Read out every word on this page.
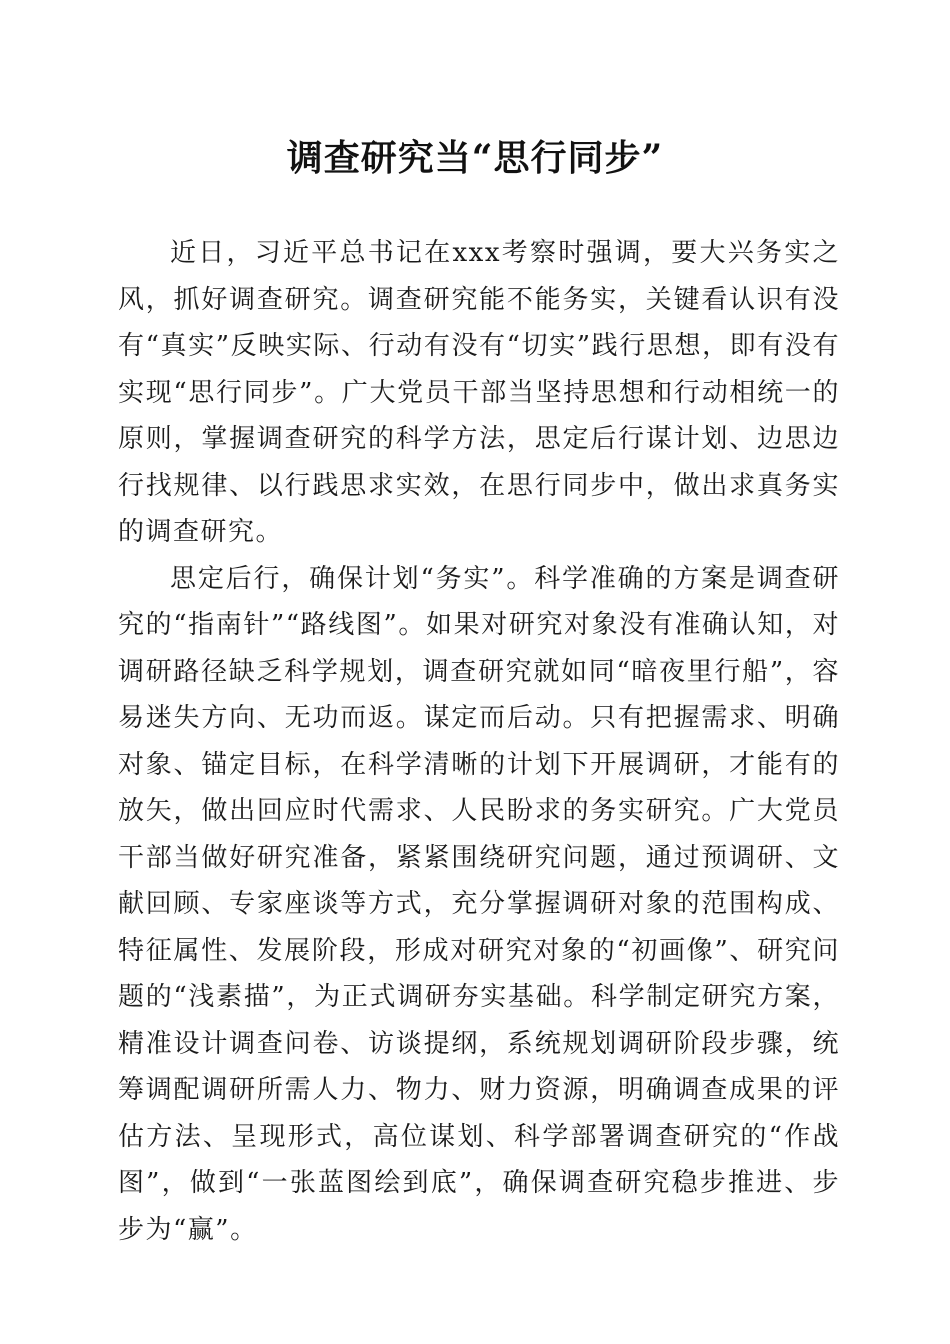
调查研究当“思行同步”

近日，习近平总书记在xxx考察时强调，要大兴务实之风，抓好调查研究。调查研究能不能务实，关键看认识有没有“真实”反映实际、行动有没有“切实”践行思想，即有没有实现“思行同步”。广大党员干部当坚持思想和行动相统一的原则，掌握调查研究的科学方法，思定后行谋计划、边思边行找规律、以行践思求实效，在思行同步中，做出求真务实的调查研究。

思定后行，确保计划“务实”。科学准确的方案是调查研究的“指南针”“路线图”。如果对研究对象没有准确认知，对调研路径缺乏科学规划，调查研究就如同“暗夜里行船”，容易迷失方向、无功而返。谋定而后动。只有把握需求、明确对象、锚定目标，在科学清晰的计划下开展调研，才能有的放矢，做出回应时代需求、人民盼求的务实研究。广大党员干部当做好研究准备，紧紧围绕研究问题，通过预调研、文献回顾、专家座谈等方式，充分掌握调研对象的范围构成、特征属性、发展阶段，形成对研究对象的“初画像”、研究问题的“浅素描”，为正式调研夯实基础。科学制定研究方案，精准设计调查问卷、访谈提纲，系统规划调研阶段步骤，统筹调配调研所需人力、物力、财力资源，明确调查成果的评估方法、呈现形式，高位谋划、科学部署调查研究的“作战图”，做到“一张蓝图绘到底”，确保调查研究稳步推进、步步为“赢”。
